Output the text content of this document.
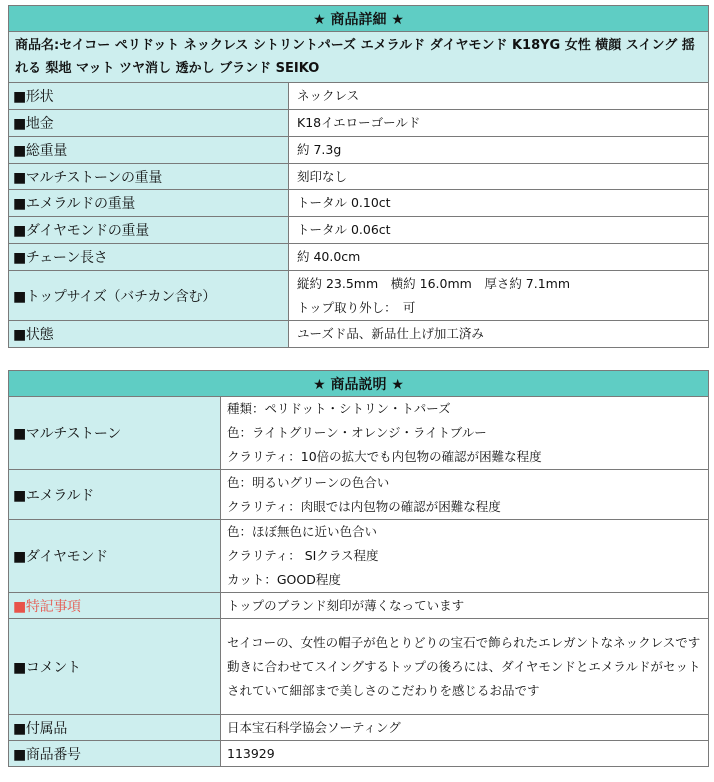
★ 商品詳細 ★	
商品名:セイコー ペリドット ネックレス シトリントパーズ エメラルド ダイヤモンド K18YG 女性 横顔 スイング 揺れる 梨地 マット ツヤ消し 透かし ブランド SEIKO	
■形状	ネックレス

■地金	K18イエローゴールド

■総重量	約 7.3g

■マルチストーンの重量	刻印なし

■エメラルドの重量	トータル 0.10ct

■ダイヤモンドの重量	トータル 0.06ct

■チェーン長さ	約 40.0cm

■トップサイズ（バチカン含む）	縦約 23.5mm　横約 16.0mm　厚さ約 7.1mm
トップ取り外し：　可

■状態	ユーズド品、新品仕上げ加工済み
★ 商品説明 ★	
■マルチストーン	種類：ペリドット・シトリン・トパーズ
色：ライトグリーン・オレンジ・ライトブルー
クラリティ：10倍の拡大でも内包物の確認が困難な程度

■エメラルド	色：明るいグリーンの色合い
クラリティ：肉眼では内包物の確認が困難な程度

■ダイヤモンド	色：ほぼ無色に近い色合い
クラリティ： SIクラス程度
カット：GOOD程度

■特記事項	トップのブランド刻印が薄くなっています

■コメント	セイコーの、女性の帽子が色とりどりの宝石で飾られたエレガントなネックレスです
動きに合わせてスイングするトップの後ろには、ダイヤモンドとエメラルドがセットされていて細部まで美しさのこだわりを感じるお品です

■付属品	日本宝石科学協会ソーティング

■商品番号	113929
